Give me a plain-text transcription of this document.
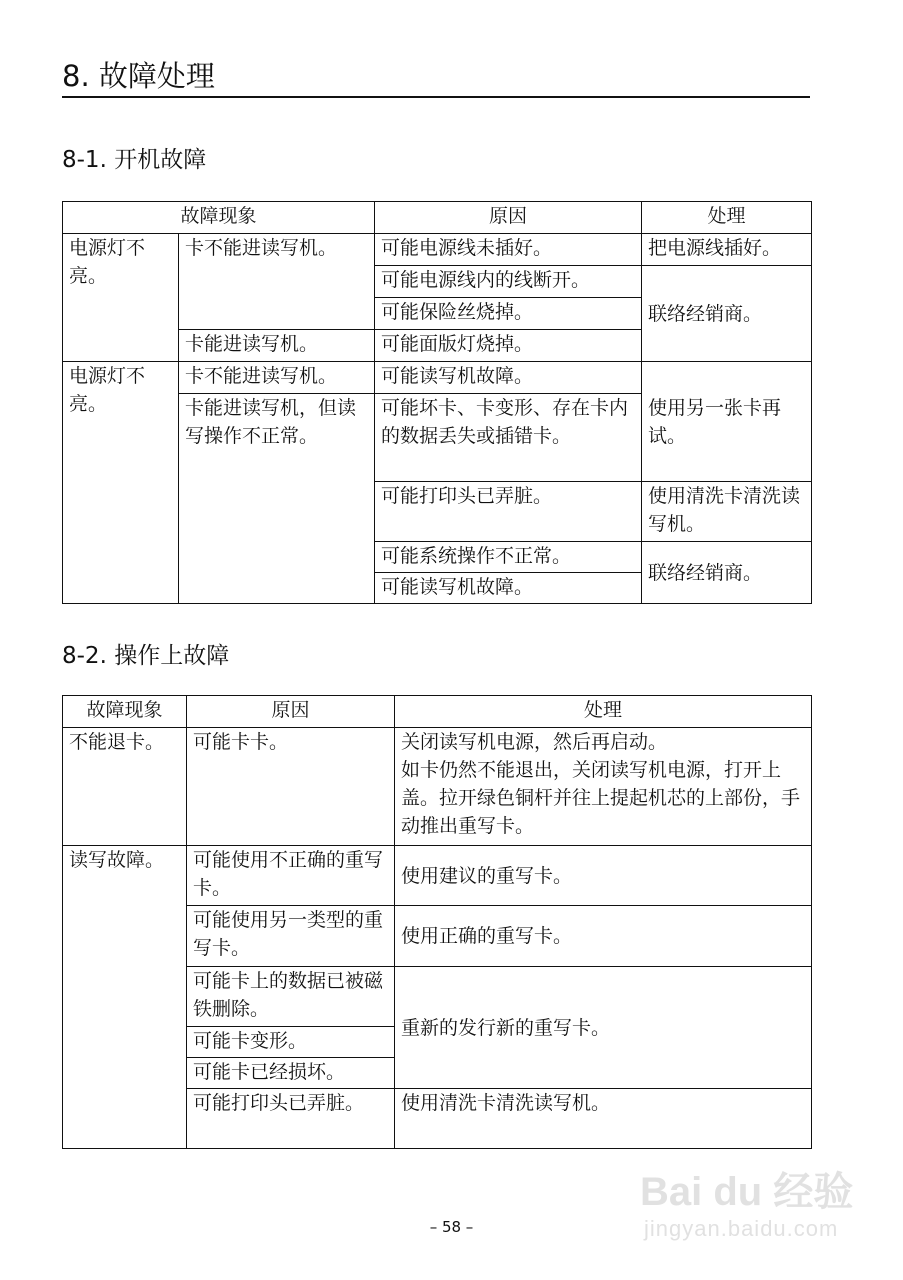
8. 故障处理
8-1. 开机故障
故障现象		原因	处理
电源灯不亮。	卡不能进读写机。	可能电源线未插好。	把电源线插好。
		可能电源线内的线断开。	联络经销商。
		可能保险丝烧掉。	
	卡能进读写机。	可能面版灯烧掉。	
电源灯不亮。	卡不能进读写机。	可能读写机故障。	使用另一张卡再试。
	卡能进读写机，但读写操作不正常。	可能坏卡、卡变形、存在卡内的数据丢失或插错卡。	
		可能打印头已弄脏。	使用清洗卡清洗读写机。
		可能系统操作不正常。	联络经销商。
		可能读写机故障。	
8-2. 操作上故障
故障现象	原因	处理
不能退卡。	可能卡卡。	关闭读写机电源，然后再启动。
如卡仍然不能退出，关闭读写机电源，打开上盖。拉开绿色铜杆并往上提起机芯的上部份，手动推出重写卡。

读写故障。	可能使用不正确的重写卡。	使用建议的重写卡。
	可能使用另一类型的重写卡。	使用正确的重写卡。
	可能卡上的数据已被磁铁删除。	重新的发行新的重写卡。
	可能卡变形。	
	可能卡已经损坏。	
	可能打印头已弄脏。	使用清洗卡清洗读写机。
Bai du 经验
jingyan.baidu.com
– 58 –
